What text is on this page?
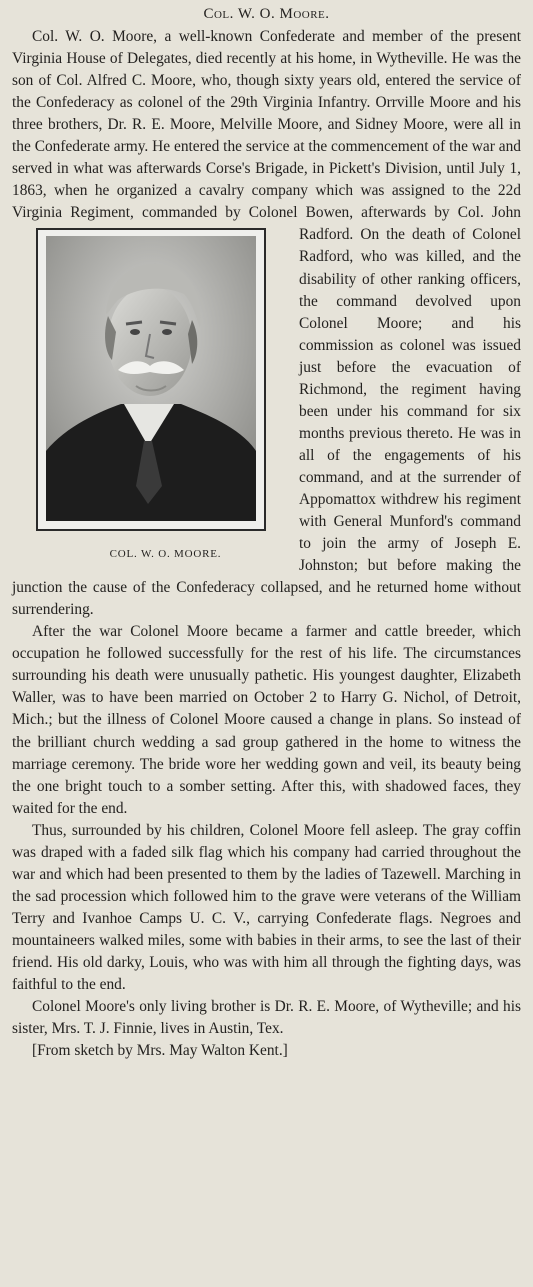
Col. W. O. Moore.

Col. W. O. Moore, a well-known Confederate and member of the present Virginia House of Delegates, died recently at his home, in Wytheville. He was the son of Col. Alfred C. Moore, who, though sixty years old, entered the service of the Confederacy as colonel of the 29th Virginia Infantry. Orrville Moore and his three brothers, Dr. R. E. Moore, Melville Moore, and Sidney Moore, were all in the Confederate army. He entered the service at the commencement of the war and served in what was afterwards Corse's Brigade, in Pickett's Division, until July 1, 1863, when he organized a cavalry company which was assigned to the 22d Virginia Regiment, commanded by Colonel Bowen, afterwards by Col.
COL. W. O. MOORE.
John Radford. On the death of Colonel Radford, who was killed, and the disability of other ranking officers, the command devolved upon Colonel Moore; and his commission as colonel was issued just before the evacuation of Richmond, the regiment having been under his command for six months previous thereto. He was in all of the engagements of his command, and at the surrender of Appomattox withdrew his regiment with General Munford's command to join the army of Joseph E. Johnston; but before making the junction the cause of the Confederacy collapsed, and he returned home without surrendering.

After the war Colonel Moore became a farmer and cattle breeder, which occupation he followed successfully for the rest of his life. The circumstances surrounding his death were unusually pathetic. His youngest daughter, Elizabeth Waller, was to have been married on October 2 to Harry G. Nichol, of Detroit, Mich.; but the illness of Colonel Moore caused a change in plans. So instead of the brilliant church wedding a sad group gathered in the home to witness the marriage ceremony. The bride wore her wedding gown and veil, its beauty being the one bright touch to a somber setting. After this, with shadowed faces, they waited for the end.

Thus, surrounded by his children, Colonel Moore fell asleep. The gray coffin was draped with a faded silk flag which his company had carried throughout the war and which had been presented to them by the ladies of Tazewell. Marching in the sad procession which followed him to the grave were veterans of the William Terry and Ivanhoe Camps U. C. V., carrying Confederate flags. Negroes and mountaineers walked miles, some with babies in their arms, to see the last of their friend. His old darky, Louis, who was with him all through the fighting days, was faithful to the end.

Colonel Moore's only living brother is Dr. R. E. Moore, of Wytheville; and his sister, Mrs. T. J. Finnie, lives in Austin, Tex.

[From sketch by Mrs. May Walton Kent.]
